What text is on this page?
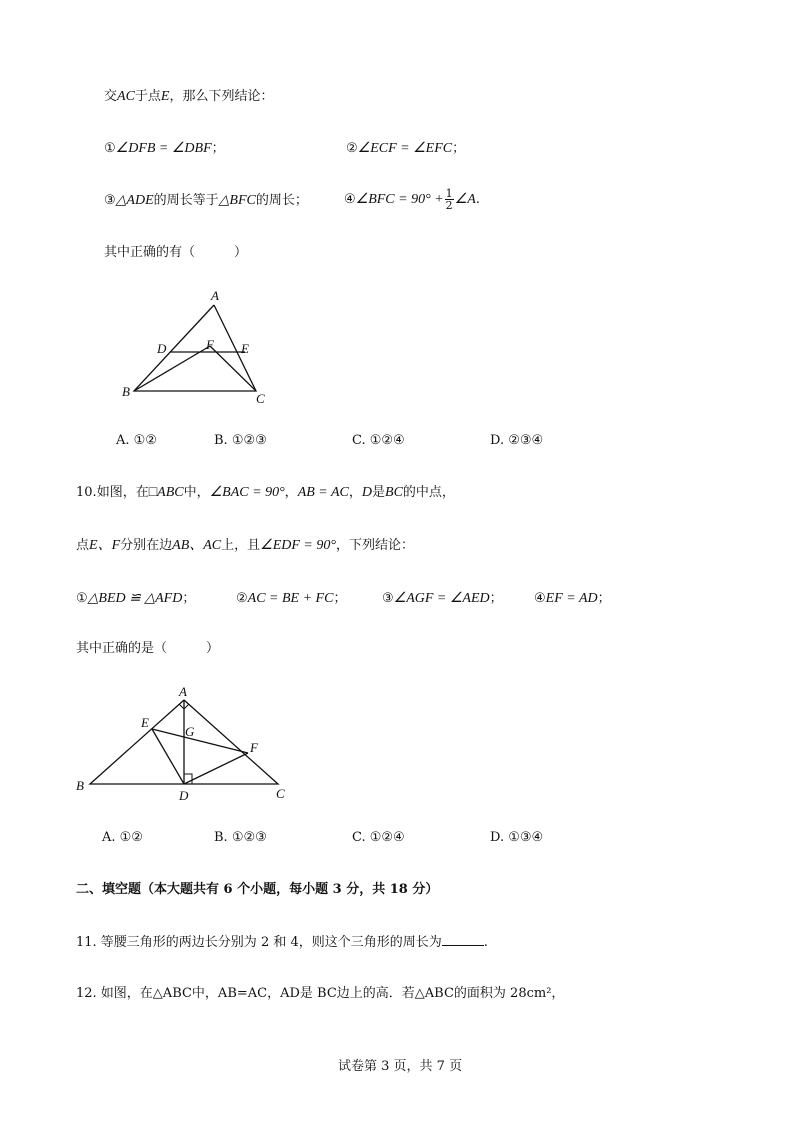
交AC于点E，那么下列结论：
①∠DFB = ∠DBF；	②∠ECF = ∠EFC；
③△ADE的周长等于△BFC的周长；	④∠BFC = $90^\circ + \frac{1}{2}$ ∠A.
其中正确的有（　　　）
A
D	F E
B	C
A. ①②	B. ①②③	C. ①②④	D. ②③④
10.如图，在□ABC中，∠BAC = 90°，AB = AC，D是BC的中点，
点E、F分别在边AB、AC上，且∠EDF = 90°，下列结论：
①△BED ≌ △AFD；	②AC = BE + FC；	③∠AGF = ∠AED； ④EF = AD；
其中正确的是（　　　）
A
E
G
F
B
D	C
A. ①②	B. ①②③	C. ①②④	D. ①③④
二、填空题（本大题共有 6 个小题，每小题 3 分，共 18 分）
11. 等腰三角形的两边长分别为 2 和 4，则这个三角形的周长为	.
12. 如图，在△ABC中，AB=AC，AD是 BC边上的高．若△ABC的面积为 28cm²，
试卷第 3 页，共 7 页
